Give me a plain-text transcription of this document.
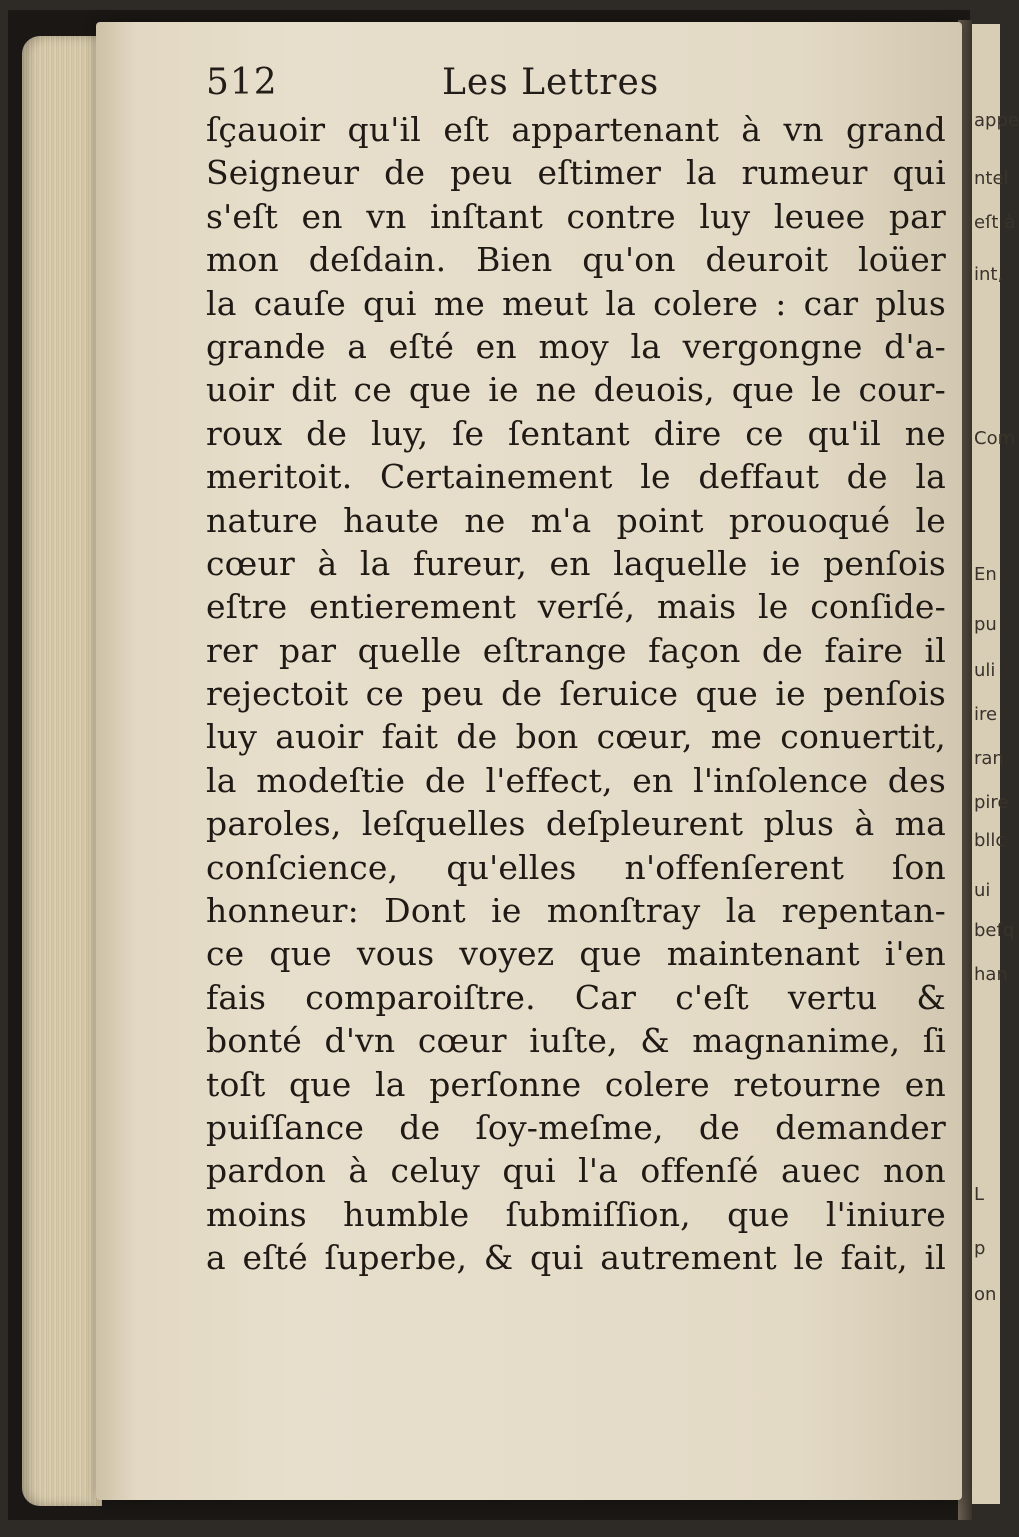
512	Les Lettres
ſçauoir qu'il eſt appartenant à vn grand
Seigneur de peu eſtimer la rumeur qui
s'eſt en vn inſtant contre luy leuee par
mon deſdain. Bien qu'on deuroit loüer
la cauſe qui me meut la colere : car plus
grande a eſté en moy la vergongne d'a-
uoir dit ce que ie ne deuois, que le cour-
roux de luy, ſe ſentant dire ce qu'il ne
meritoit. Certainement le deffaut de la
nature haute ne m'a point prouoqué le
cœur à la fureur, en laquelle ie penſois
eſtre entierement verſé, mais le conſide-
rer par quelle eſtrange façon de faire il
rejectoit ce peu de ſeruice que ie penſois
luy auoir fait de bon cœur, me conuertit,
la modeſtie de l'effect, en l'inſolence des
paroles, leſquelles deſpleurent plus à ma
conſcience, qu'elles n'offenſerent ſon
honneur: Dont ie monſtray la repentan-
ce que vous voyez que maintenant i'en
fais comparoiſtre. Car c'eſt vertu &
bonté d'vn cœur iuſte, & magnanime, ſi
toſt que la perſonne colere retourne en
puiſſance de ſoy-meſme, de demander
pardon à celuy qui l'a offenſé auec non
moins humble ſubmiſſion, que l'iniure
a eſté ſuperbe, & qui autrement le fait, il
appe
ntel
eſt à
int,
Com
En
pu
uli
ire
ran
pire
bllc
ui
beſq
han
L
p
on
